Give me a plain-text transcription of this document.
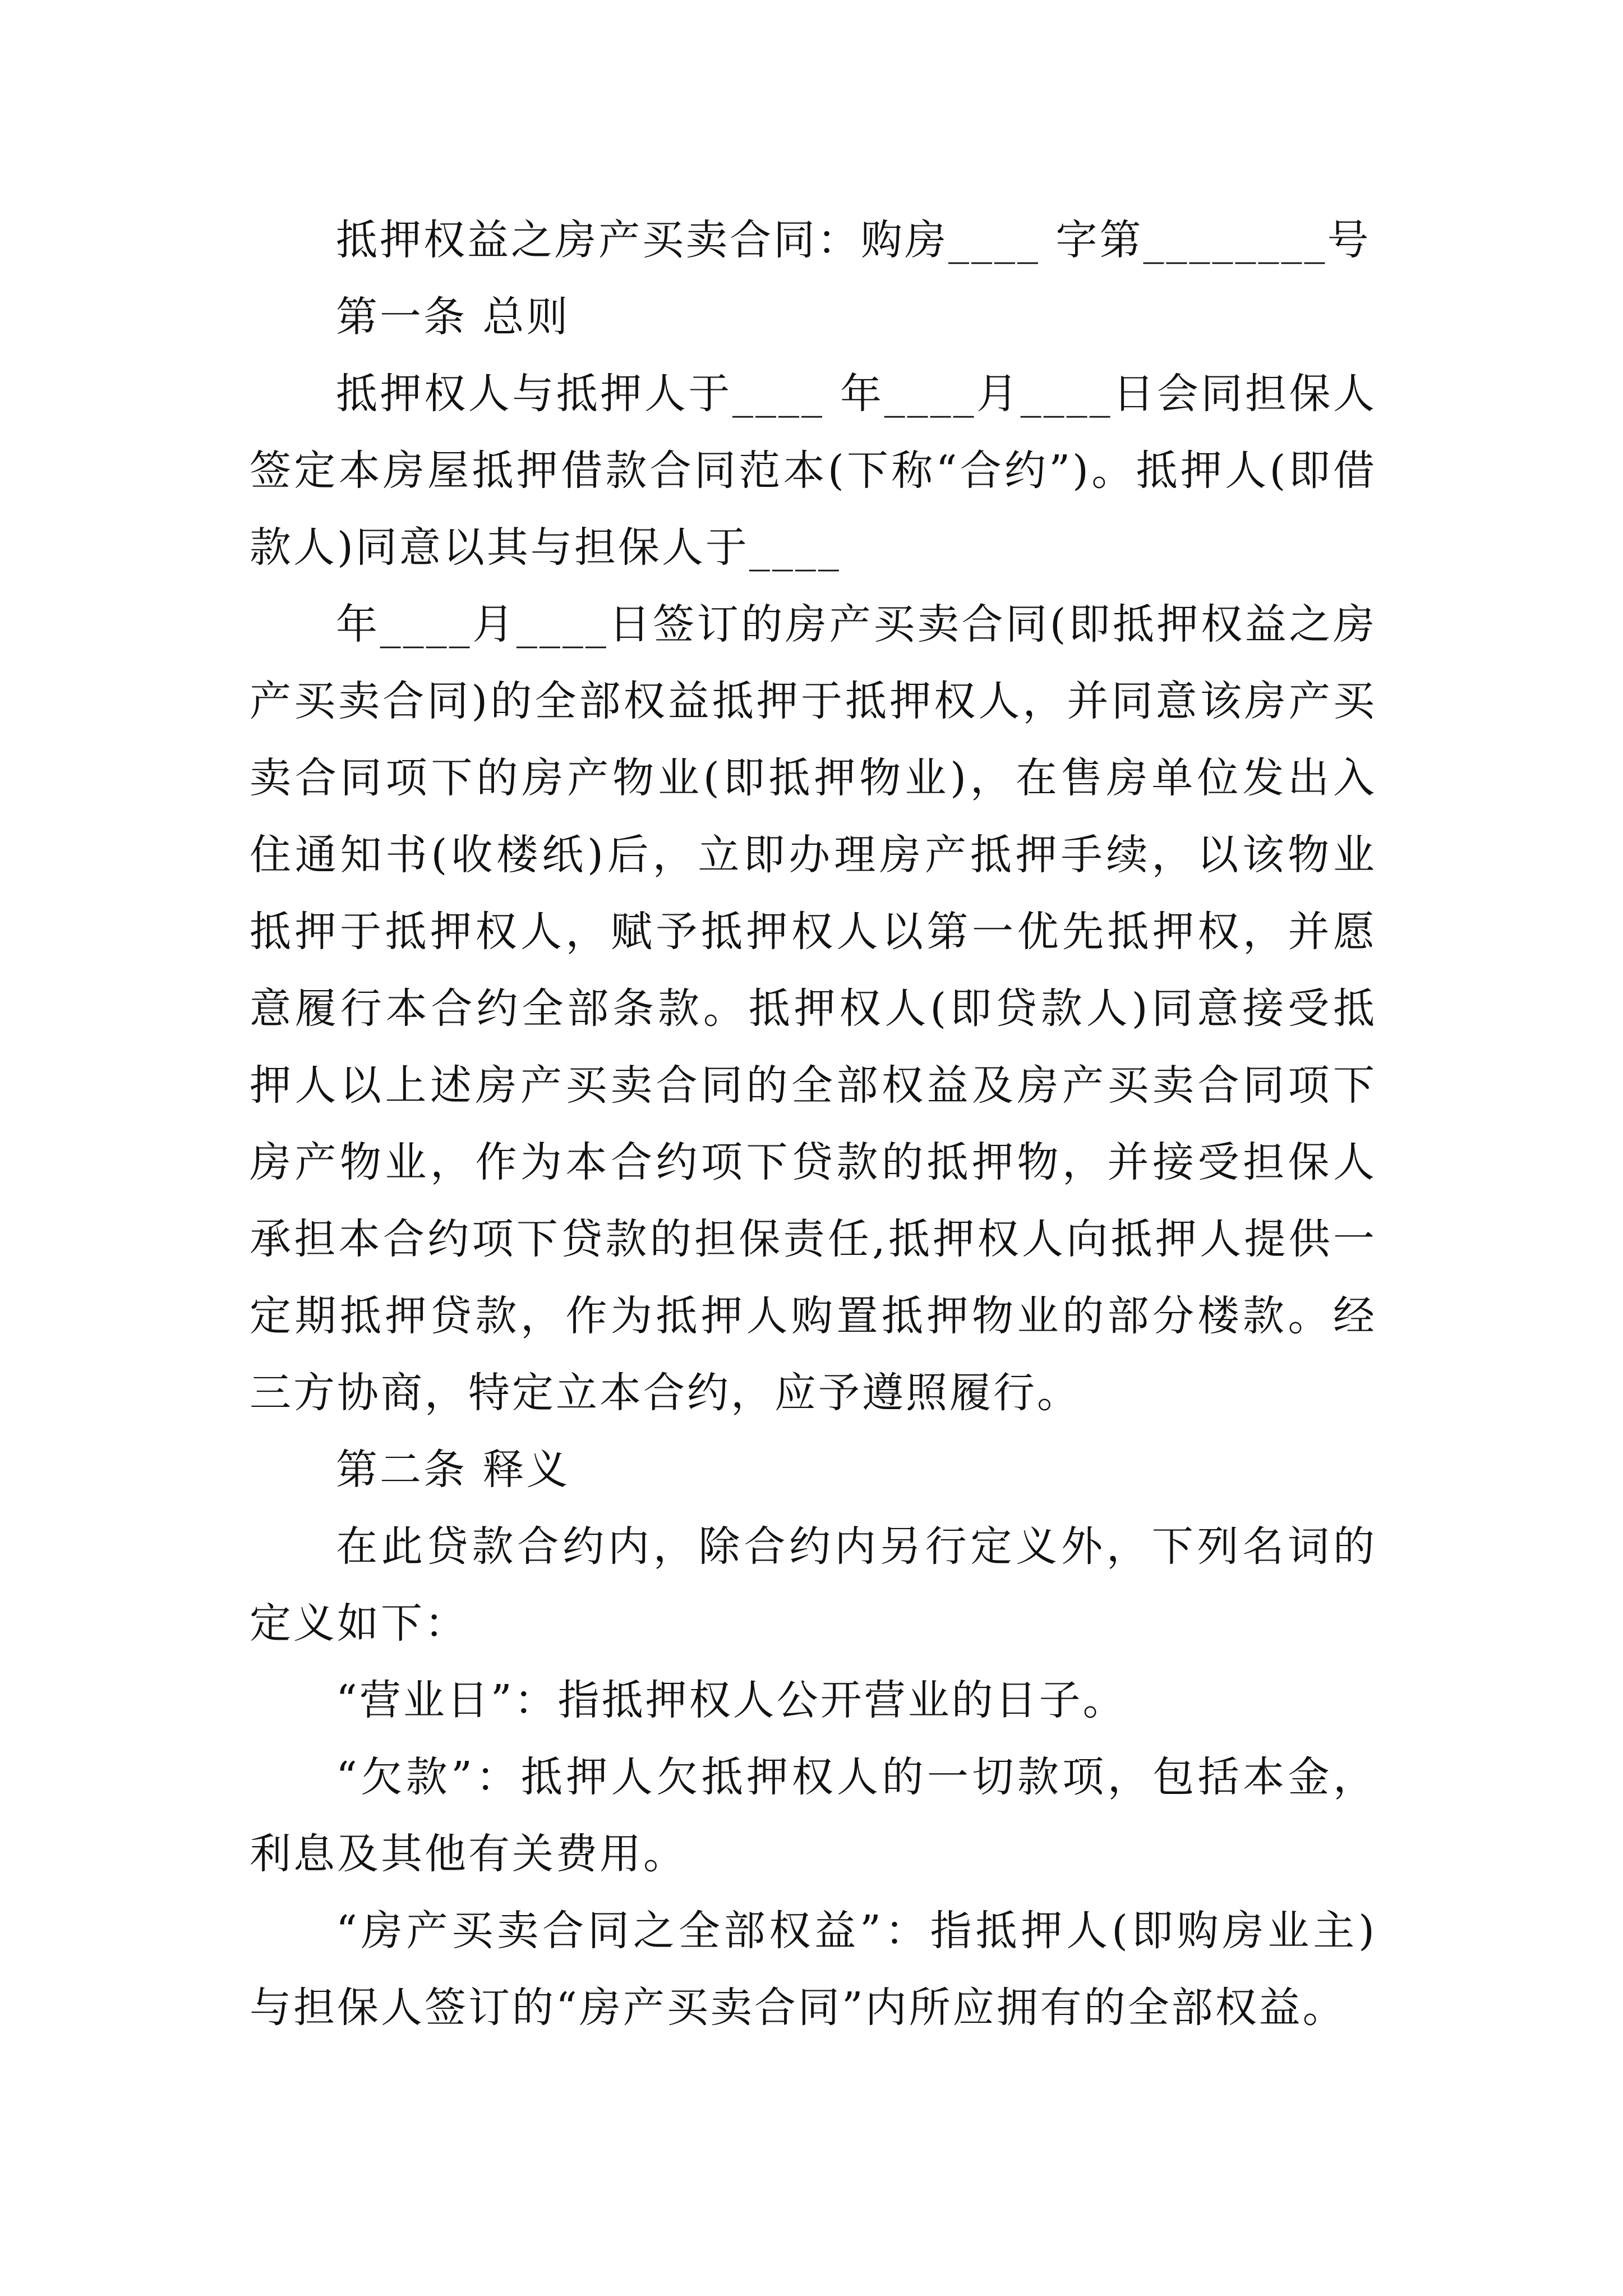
抵押权益之房产买卖合同：购房____ 字第________号

第一条 总则

抵押权人与抵押人于____ 年____月____日会同担保人签定本房屋抵押借款合同范本(下称“合约”)。抵押人(即借款人)同意以其与担保人于____

年____月____日签订的房产买卖合同(即抵押权益之房产买卖合同)的全部权益抵押于抵押权人，并同意该房产买卖合同项下的房产物业(即抵押物业)，在售房单位发出入住通知书(收楼纸)后，立即办理房产抵押手续，以该物业抵押于抵押权人，赋予抵押权人以第一优先抵押权，并愿意履行本合约全部条款。抵押权人(即贷款人)同意接受抵押人以上述房产买卖合同的全部权益及房产买卖合同项下房产物业，作为本合约项下贷款的抵押物，并接受担保人承担本合约项下贷款的担保责任,抵押权人向抵押人提供一定期抵押贷款，作为抵押人购置抵押物业的部分楼款。经三方协商，特定立本合约，应予遵照履行。

第二条 释义

在此贷款合约内，除合约内另行定义外，下列名词的定义如下：

“营业日”：指抵押权人公开营业的日子。

“欠款”：抵押人欠抵押权人的一切款项，包括本金，利息及其他有关费用。

“房产买卖合同之全部权益”：指抵押人(即购房业主)与担保人签订的“房产买卖合同”内所应拥有的全部权益。
